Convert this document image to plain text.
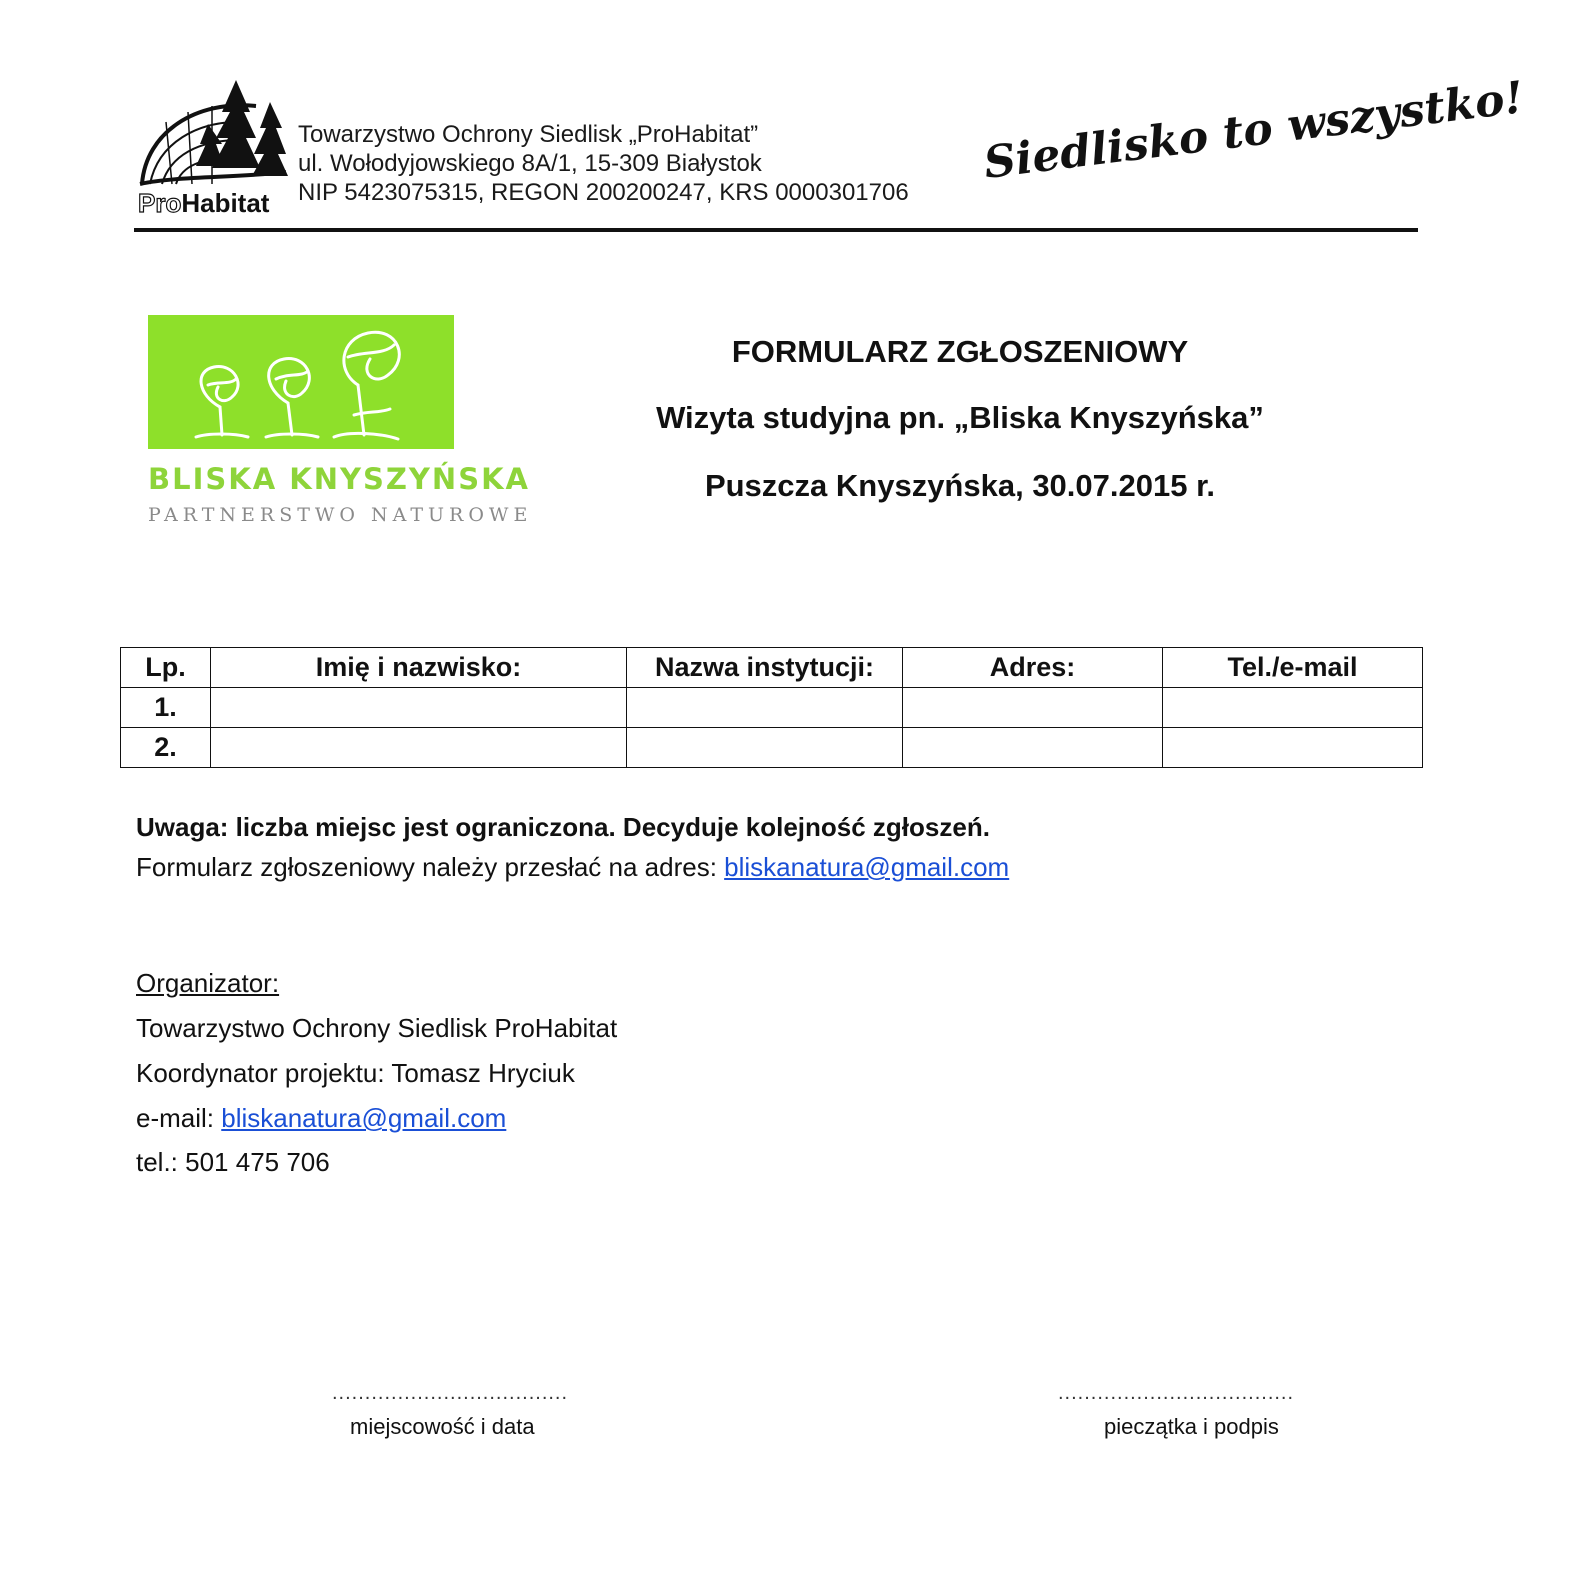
ProHabitat
Towarzystwo Ochrony Siedlisk „ProHabitat”
ul. Wołodyjowskiego 8A/1, 15-309 Białystok
NIP 5423075315, REGON 200200247, KRS 0000301706
Siedlisko to wszystko!
BLISKA KNYSZYŃSKA
PARTNERSTWO NATUROWE
FORMULARZ ZGŁOSZENIOWY
Wizyta studyjna pn. „Bliska Knyszyńska”
Puszcza Knyszyńska, 30.07.2015 r.
Lp.	Imię i nazwisko:	Nazwa instytucji:	Adres:	Tel./e-mail
1.				
2.				
Uwaga: liczba miejsc jest ograniczona. Decyduje kolejność zgłoszeń.
Formularz zgłoszeniowy należy przesłać na adres: bliskanatura@gmail.com
Organizator:
Towarzystwo Ochrony Siedlisk ProHabitat
Koordynator projektu: Tomasz Hryciuk
e-mail: bliskanatura@gmail.com
tel.: 501 475 706
....................................
miejscowość i data
....................................
pieczątka i podpis
